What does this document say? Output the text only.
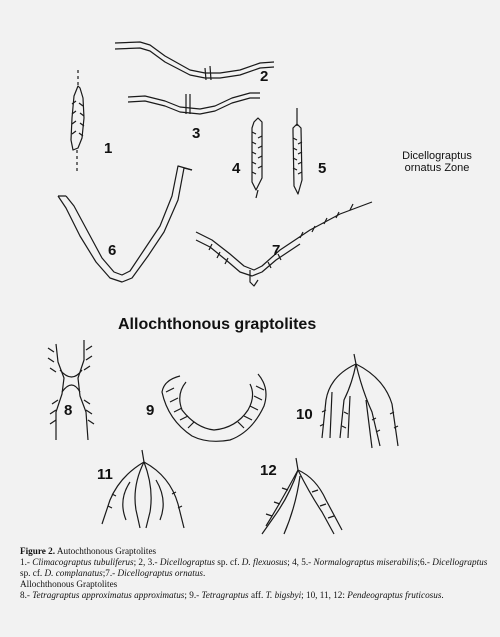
1
2
3
4	5
6	7
8	9	10
11	12
Dicellograptus
ornatus Zone
Allochthonous graptolites

Figure 2. Autochthonous Graptolites

1.- Climacograptus tubuliferus; 2, 3.- Dicellograptus sp. cf. D. flexuosus; 4, 5.- Normalograptus miserabilis;6.- Dicellograptus sp. cf. D. complanatus;7.- Dicellograptus ornatus.

Allochthonous Graptolites

8.- Tetragraptus approximatus approximatus; 9.- Tetragraptus aff. T. bigsbyi; 10, 11, 12: Pendeograptus fruticosus.
